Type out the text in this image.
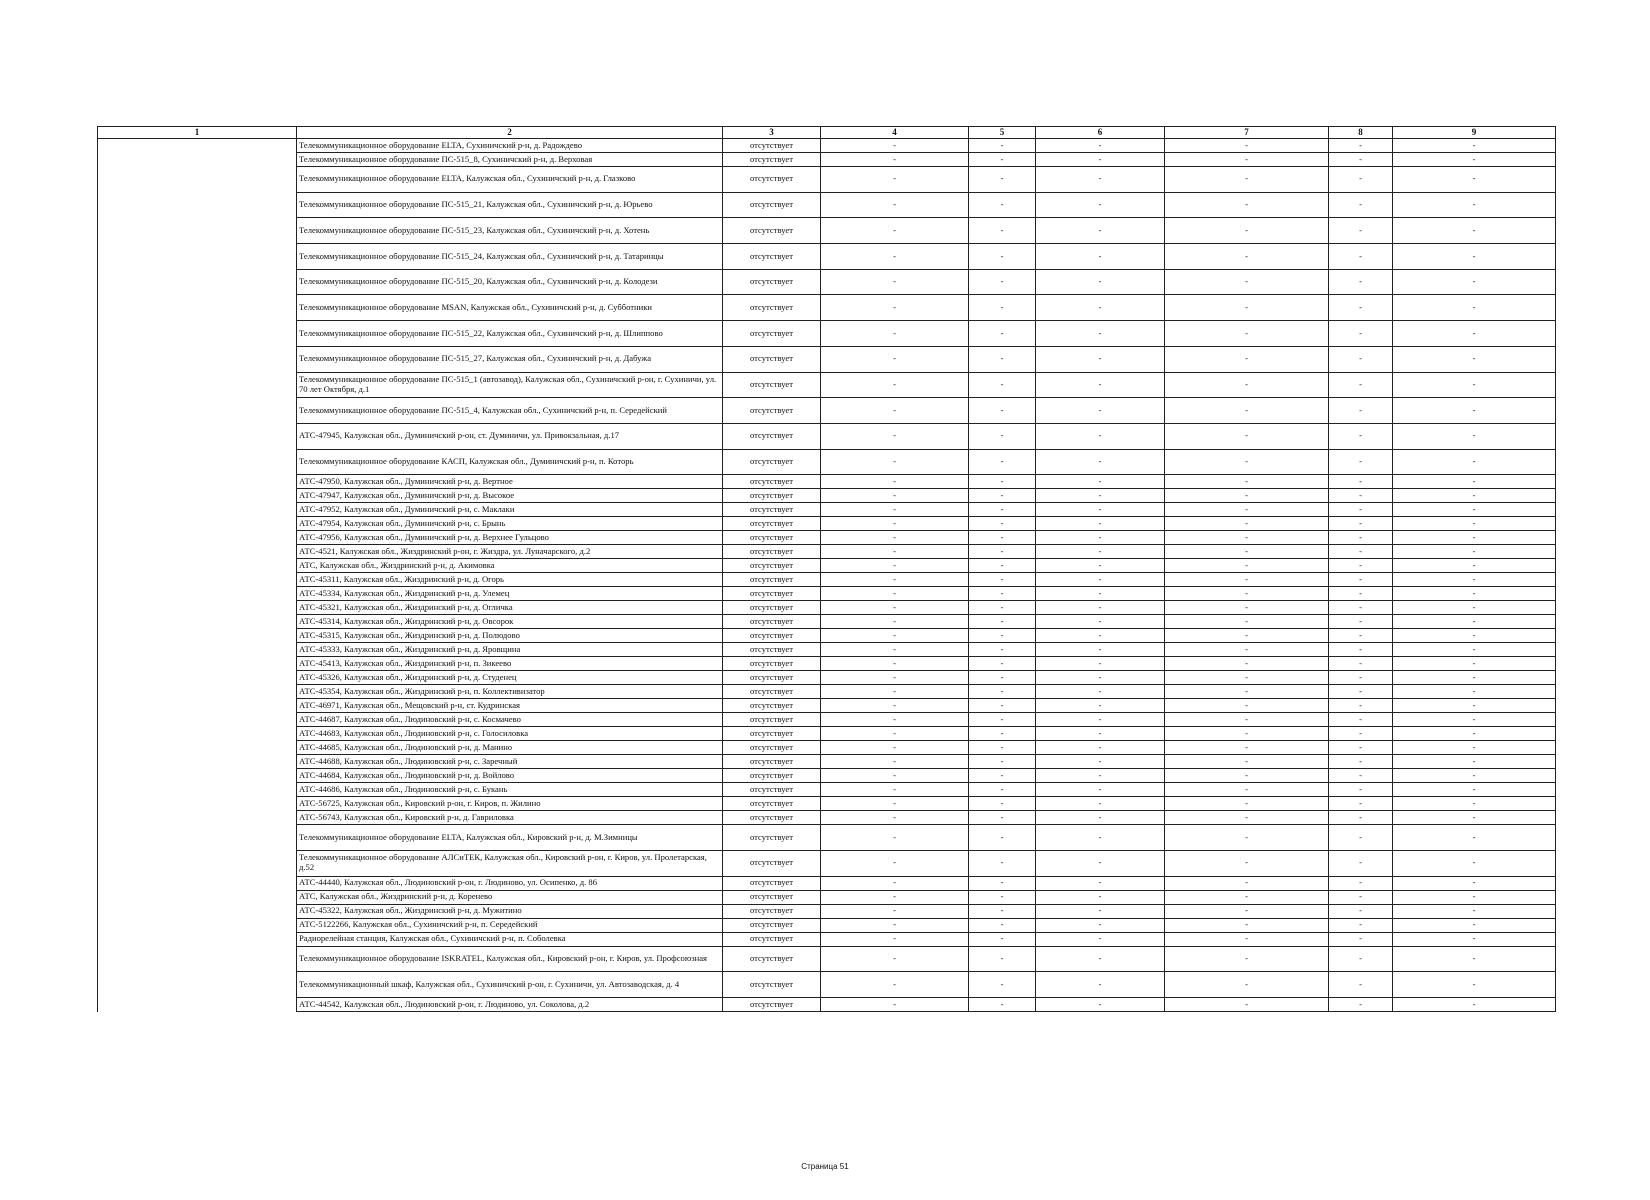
1	2	3	4	5	6	7	8	9
	Телекоммуникационное оборудование ELTA, Сухиничский р-н, д. Радождево	отсутствует	-	-	-	-	-	-
	Телекоммуникационное оборудование ПС-515_8, Сухиничский р-н, д. Верховая	отсутствует	-	-	-	-	-	-
	Телекоммуникационное оборудование ELTA, Калужская обл., Сухиничский р-н, д. Глазково	отсутствует	-	-	-	-	-	-
	Телекоммуникационное оборудование ПС-515_21, Калужская обл., Сухиничский р-н, д. Юрьево	отсутствует	-	-	-	-	-	-
	Телекоммуникационное оборудование ПС-515_23, Калужская обл., Сухиничский р-н, д. Хотень	отсутствует	-	-	-	-	-	-
	Телекоммуникационное оборудование ПС-515_24, Калужская обл., Сухиничский р-н, д. Татаринцы	отсутствует	-	-	-	-	-	-
	Телекоммуникационное оборудование ПС-515_20, Калужская обл., Сухиничский р-н, д. Колодези	отсутствует	-	-	-	-	-	-
	Телекоммуникационное оборудование MSAN, Калужская обл., Сухиничский р-н, д. Субботники	отсутствует	-	-	-	-	-	-
	Телекоммуникационное оборудование ПС-515_22, Калужская обл., Сухиничский р-н, д. Шлиппово	отсутствует	-	-	-	-	-	-
	Телекоммуникационное оборудование ПС-515_27, Калужская обл., Сухиничский р-н, д. Дабужа	отсутствует	-	-	-	-	-	-
	Телекоммуникационное оборудование ПС-515_1 (автозавод), Калужская обл., Сухиничский р-он, г. Сухиничи, ул. 70 лет Октября, д.1	отсутствует	-	-	-	-	-	-
	Телекоммуникационное оборудование ПС-515_4, Калужская обл., Сухиничский р-н, п. Середейский	отсутствует	-	-	-	-	-	-
	АТС-47945, Калужская обл., Думиничский р-он, ст. Думиничи, ул. Привокзальная, д.17	отсутствует	-	-	-	-	-	-
	Телекоммуникационное оборудование КАСП, Калужская обл., Думиничский р-н, п. Которь	отсутствует	-	-	-	-	-	-
	АТС-47950, Калужская обл., Думиничский р-н, д. Вертное	отсутствует	-	-	-	-	-	-
	АТС-47947, Калужская обл., Думиничский р-н, д. Высокое	отсутствует	-	-	-	-	-	-
	АТС-47952, Калужская обл., Думиничский р-н, с. Маклаки	отсутствует	-	-	-	-	-	-
	АТС-47954, Калужская обл., Думиничский р-н, с. Брынь	отсутствует	-	-	-	-	-	-
	АТС-47956, Калужская обл., Думиничский р-н, д. Верхнее Гульцово	отсутствует	-	-	-	-	-	-
	АТС-4521, Калужская обл., Жиздринский р-он, г. Жиздра, ул. Луначарского, д.2	отсутствует	-	-	-	-	-	-
	АТС, Калужская обл., Жиздринский р-н, д. Акимовка	отсутствует	-	-	-	-	-	-
	АТС-45311, Калужская обл., Жиздринский р-н, д. Огорь	отсутствует	-	-	-	-	-	-
	АТС-45334, Калужская обл., Жиздринский р-н, д. Улемец	отсутствует	-	-	-	-	-	-
	АТС-45321, Калужская обл., Жиздринский р-н, д. Огличка	отсутствует	-	-	-	-	-	-
	АТС-45314, Калужская обл., Жиздринский р-н, д. Овсорок	отсутствует	-	-	-	-	-	-
	АТС-45315, Калужская обл., Жиздринский р-н, д. Полюдово	отсутствует	-	-	-	-	-	-
	АТС-45333, Калужская обл., Жиздринский р-н, д. Яровщина	отсутствует	-	-	-	-	-	-
	АТС-45413, Калужская обл., Жиздринский р-н, п. Зикеево	отсутствует	-	-	-	-	-	-
	АТС-45326, Калужская обл., Жиздринский р-н, д. Студенец	отсутствует	-	-	-	-	-	-
	АТС-45354, Калужская обл., Жиздринский р-н, п. Коллективизатор	отсутствует	-	-	-	-	-	-
	АТС-46971, Калужская обл., Мещовский р-н, ст. Кудринская	отсутствует	-	-	-	-	-	-
	АТС-44687, Калужская обл., Людиновский р-н, с. Космачево	отсутствует	-	-	-	-	-	-
	АТС-44683, Калужская обл., Людиновский р-н, с. Голосиловка	отсутствует	-	-	-	-	-	-
	АТС-44685, Калужская обл., Людиновский р-н, д. Манино	отсутствует	-	-	-	-	-	-
	АТС-44688, Калужская обл., Людиновский р-н, с. Заречный	отсутствует	-	-	-	-	-	-
	АТС-44684, Калужская обл., Людиновский р-н, д. Войлово	отсутствует	-	-	-	-	-	-
	АТС-44686, Калужская обл., Людиновский р-н, с. Букань	отсутствует	-	-	-	-	-	-
	АТС-56725, Калужская обл., Кировский р-он, г. Киров, п. Жилино	отсутствует	-	-	-	-	-	-
	АТС-56743, Калужская обл., Кировский р-н, д. Гавриловка	отсутствует	-	-	-	-	-	-
	Телекоммуникационное оборудование ELTA, Калужская обл., Кировский р-н, д. М.Зимницы	отсутствует	-	-	-	-	-	-
	Телекоммуникационное оборудование АЛСиТЕК, Калужская обл., Кировский р-он, г. Киров, ул. Пролетарская, д.52	отсутствует	-	-	-	-	-	-
	АТС-44440, Калужская обл., Людиновский р-он, г. Людиново, ул. Осипенко, д. 86	отсутствует	-	-	-	-	-	-
	АТС, Калужская обл., Жиздринский р-н, д. Коренево	отсутствует	-	-	-	-	-	-
	АТС-45322, Калужская обл., Жиздринский р-н, д. Мужитино	отсутствует	-	-	-	-	-	-
	АТС-5122266, Калужская обл., Сухиничский р-н, п. Середейский	отсутствует	-	-	-	-	-	-
	Радиорелейная станция, Калужская обл., Сухиничский р-н, п. Соболевка	отсутствует	-	-	-	-	-	-
	Телекоммуникационное оборудование ISKRATEL, Калужская обл., Кировский р-он, г. Киров, ул. Профсоюзная	отсутствует	-	-	-	-	-	-
	Телекоммуникационный шкаф, Калужская обл., Сухиничский р-он, г. Сухиничи, ул. Автозаводская, д. 4	отсутствует	-	-	-	-	-	-
	АТС-44542, Калужская обл., Людиновский р-он, г. Людиново, ул. Соколова, д.2	отсутствует	-	-	-	-	-	-
Страница 51
